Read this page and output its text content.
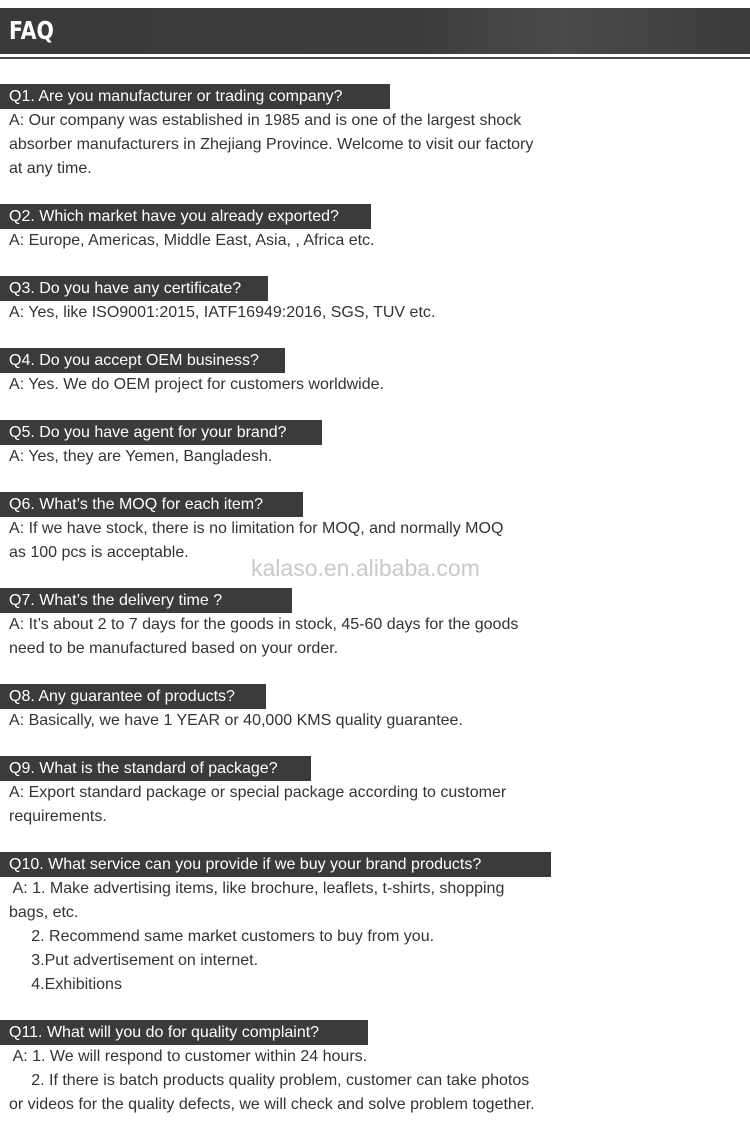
FAQ
Q1. Are you manufacturer or trading company?
A: Our company was established in 1985 and is one of the largest shock
absorber manufacturers in Zhejiang Province. Welcome to visit our factory
at any time.
Q2. Which market have you already exported?
A: Europe, Americas, Middle East, Asia, , Africa etc.
Q3. Do you have any certificate?
A: Yes, like ISO9001:2015, IATF16949:2016, SGS, TUV etc.
Q4. Do you accept OEM business?
A: Yes. We do OEM project for customers worldwide.
Q5. Do you have agent for your brand?
A: Yes, they are Yemen, Bangladesh.
Q6. What’s the MOQ for each item?
A: If we have stock, there is no limitation for MOQ, and normally MOQ
as 100 pcs is acceptable.
kalaso.en.alibaba.com
Q7. What’s the delivery time ?
A: It’s about 2 to 7 days for the goods in stock, 45-60 days for the goods
need to be manufactured based on your order.
Q8. Any guarantee of products?
A: Basically, we have 1 YEAR or 40,000 KMS quality guarantee.
Q9. What is the standard of package?
A: Export standard package or special package according to customer
requirements.
Q10. What service can you provide if we buy your brand products?
A: 1. Make advertising items, like brochure, leaflets, t-shirts, shopping
bags, etc.
2. Recommend same market customers to buy from you.
3.Put advertisement on internet.
4.Exhibitions
Q11. What will you do for quality complaint?
A: 1. We will respond to customer within 24 hours.
2. If there is batch products quality problem, customer can take photos
or videos for the quality defects, we will check and solve problem together.
